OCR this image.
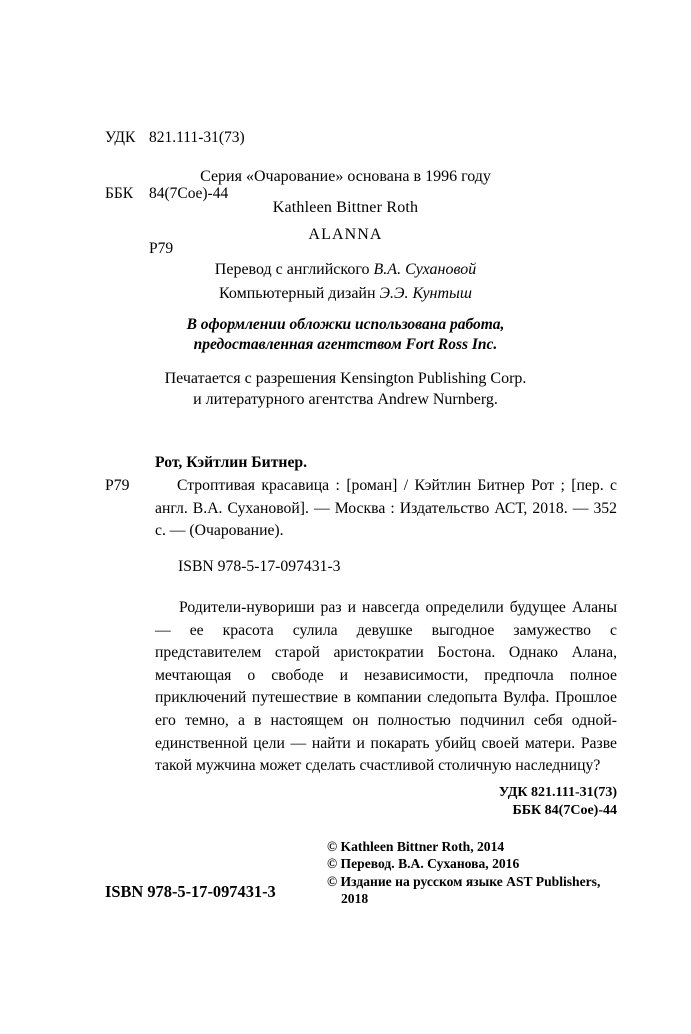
УДК 821.111-31(73)

ББК 84(7Coe)-44

Р79

Серия «Очарование» основана в 1996 году
Kathleen Bittner Roth
ALANNA
Перевод с английского В.А. Сухановой
Компьютерный дизайн Э.Э. Кунтыш
В оформлении обложки использована работа,
предоставленная агентством Fort Ross Inc.
Печатается с разрешения Kensington Publishing Corp.
и литературного агентства Andrew Nurnberg.
Рот, Кэйтлин Битнер.
Р79	Строптивая красавица : [роман] / Кэйтлин Битнер Рот ; [пер. с англ. В.А. Сухановой]. — Москва : Издательство АСТ, 2018. — 352 с. — (Очарование).
ISBN 978-5-17-097431-3
Родители-нувориши раз и навсегда определили будущее Аланы — ее красота сулила девушке выгодное замужество с представителем старой аристократии Бостона. Однако Алана, мечтающая о свободе и независимости, предпочла полное приключений путешествие в компании следопыта Вулфа. Прошлое его темно, а в настоящем он полностью подчинил себя одной-единственной цели — найти и покарать убийц своей матери. Разве такой мужчина может сделать счастливой столичную наследницу?
УДК 821.111-31(73)
ББК 84(7Coe)-44
© Kathleen Bittner Roth, 2014
© Перевод. В.А. Суханова, 2016
© Издание на русском языке AST Publishers,
2018
ISBN 978-5-17-097431-3
